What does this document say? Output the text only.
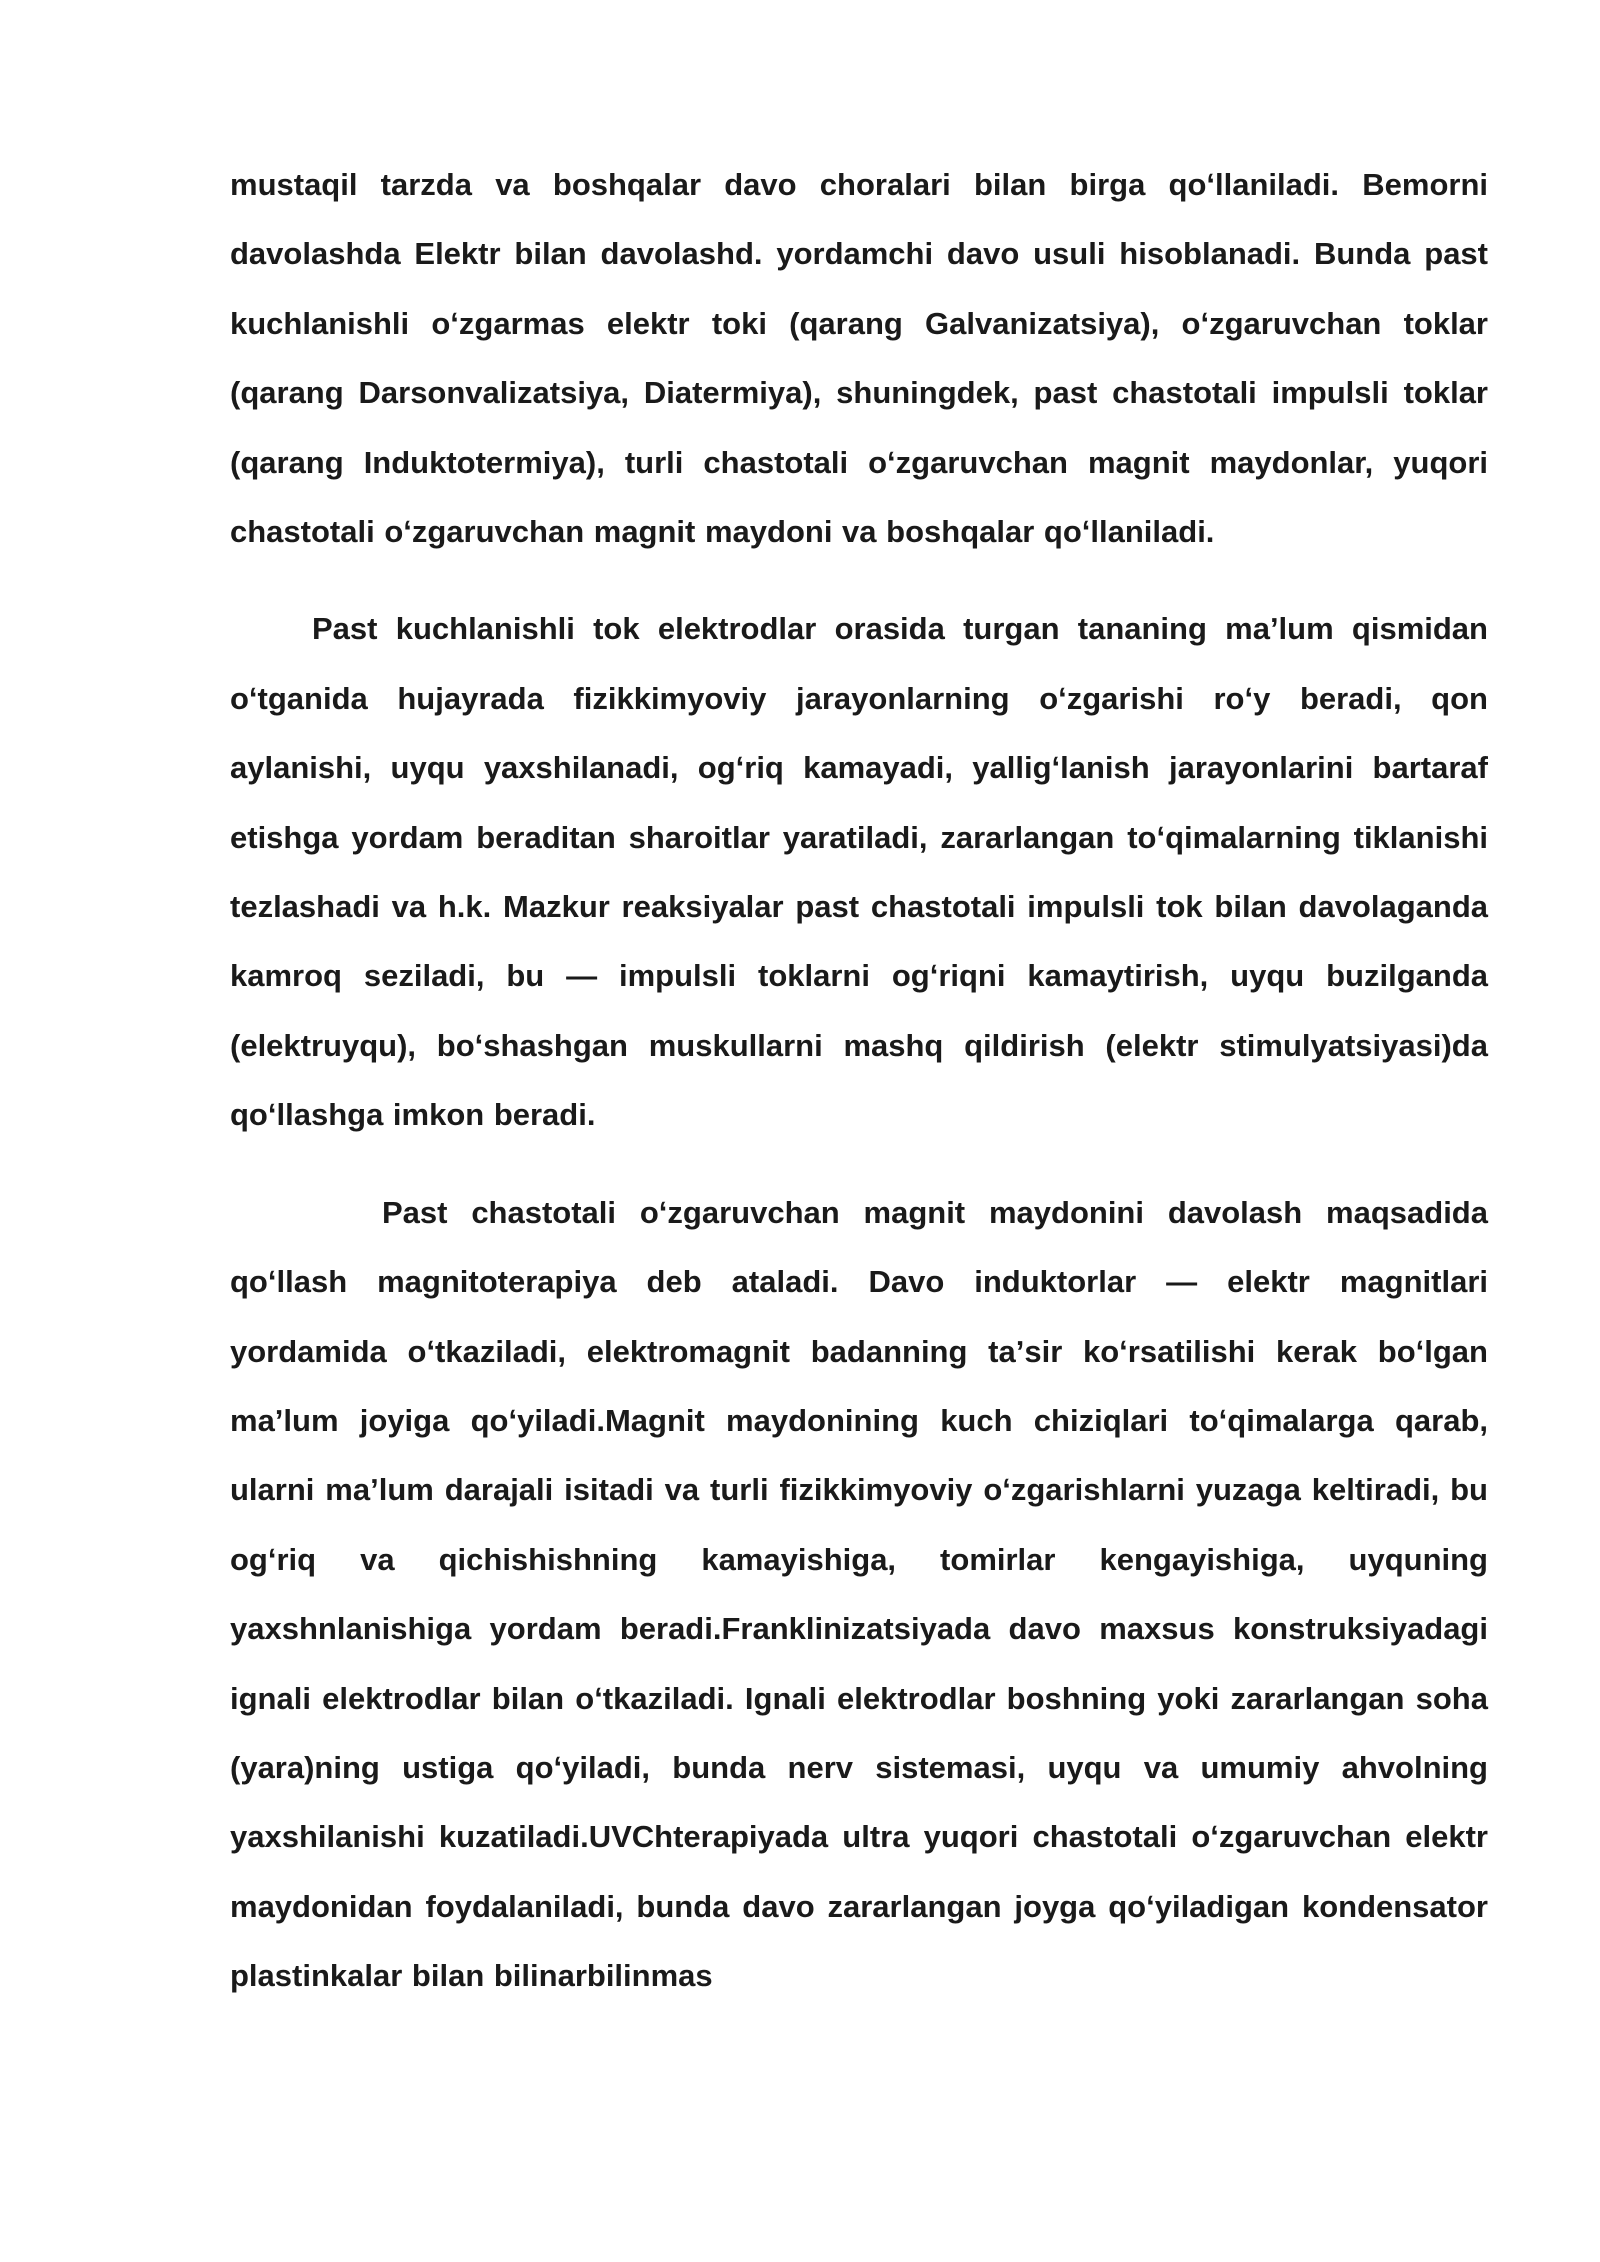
mustaqil tarzda va boshqalar davo choralari bilan birga qoʻllaniladi. Bemorni davolashda Elektr bilan davolashd. yordamchi davo usuli hisoblanadi. Bunda past kuchlanishli oʻzgarmas elektr toki (qarang Galvanizatsiya), oʻzgaruvchan toklar (qarang Darsonvalizatsiya, Diatermiya), shuningdek, past chastotali impulsli toklar (qarang Induktotermiya), turli chastotali oʻzgaruvchan magnit maydonlar, yuqori chastotali oʻzgaruvchan magnit maydoni va boshqalar qoʻllaniladi.

Past kuchlanishli tok elektrodlar orasida turgan tananing maʼlum qismidan oʻtganida hujayrada fizikkimyoviy jarayonlarning oʻzgarishi roʻy beradi, qon aylanishi, uyqu yaxshilanadi, ogʻriq kamayadi, yalligʻlanish jarayonlarini bartaraf etishga yordam beraditan sharoitlar yaratiladi, zararlangan toʻqimalarning tiklanishi tezlashadi va h.k. Mazkur reaksiyalar past chastotali impulsli tok bilan davolaganda kamroq seziladi, bu — impulsli toklarni ogʻriqni kamaytirish, uyqu buzilganda (elektruyqu), boʻshashgan muskullarni mashq qildirish (elektr stimulyatsiyasi)da qoʻllashga imkon beradi.

Past chastotali oʻzgaruvchan magnit maydonini davolash maqsadida qoʻllash magnitoterapiya deb ataladi. Davo induktorlar — elektr magnitlari yordamida oʻtkaziladi, elektromagnit badanning taʼsir koʻrsatilishi kerak boʻlgan maʼlum joyiga qoʻyiladi.Magnit maydonining kuch chiziqlari toʻqimalarga qarab, ularni maʼlum darajali isitadi va turli fizikkimyoviy oʻzgarishlarni yuzaga keltiradi, bu ogʻriq va qichishishning kamayishiga, tomirlar kengayishiga, uyquning yaxshnlanishiga yordam beradi.Franklinizatsiyada davo maxsus konstruksiyadagi ignali elektrodlar bilan oʻtkaziladi. Ignali elektrodlar boshning yoki zararlangan soha (yara)ning ustiga qoʻyiladi, bunda nerv sistemasi, uyqu va umumiy ahvolning yaxshilanishi kuzatiladi.UVChterapiyada ultra yuqori chastotali oʻzgaruvchan elektr maydonidan foydalaniladi, bunda davo zararlangan joyga qoʻyiladigan kondensator plastinkalar bilan bilinarbilinmas
